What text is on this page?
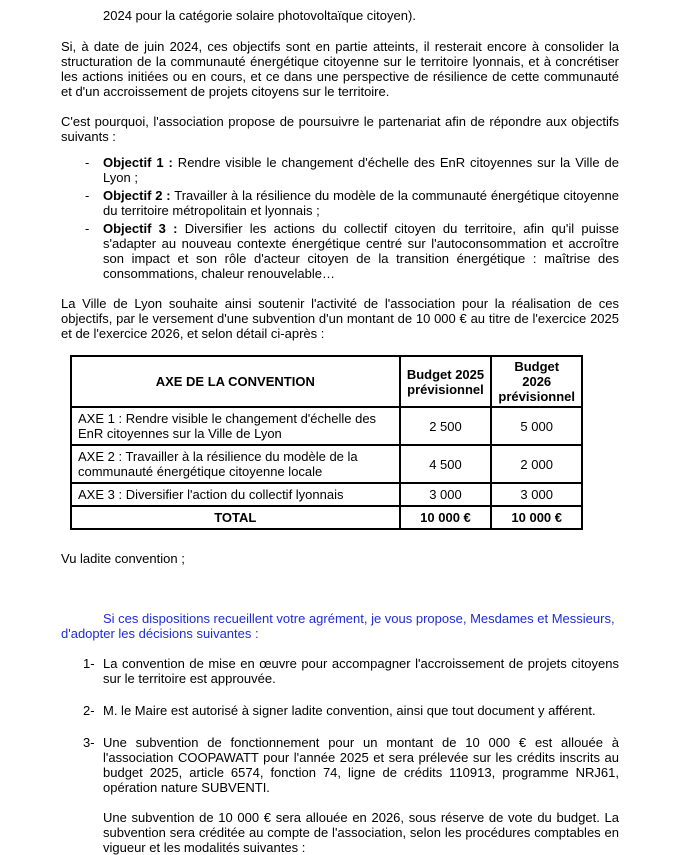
2024 pour la catégorie solaire photovoltaïque citoyen).

Si, à date de juin 2024, ces objectifs sont en partie atteints, il resterait encore à consolider la structuration de la communauté énergétique citoyenne sur le territoire lyonnais, et à concrétiser les actions initiées ou en cours, et ce dans une perspective de résilience de cette communauté et d'un accroissement de projets citoyens sur le territoire.

C'est pourquoi, l'association propose de poursuivre le partenariat afin de répondre aux objectifs suivants :

- Objectif 1 : Rendre visible le changement d'échelle des EnR citoyennes sur la Ville de Lyon ;
- Objectif 2 : Travailler à la résilience du modèle de la communauté énergétique citoyenne du territoire métropolitain et lyonnais ;
- Objectif 3 : Diversifier les actions du collectif citoyen du territoire, afin qu'il puisse s'adapter au nouveau contexte énergétique centré sur l'autoconsommation et accroître son impact et son rôle d'acteur citoyen de la transition énergétique : maîtrise des consommations, chaleur renouvelable…

La Ville de Lyon souhaite ainsi soutenir l'activité de l'association pour la réalisation de ces objectifs, par le versement d'une subvention d'un montant de 10 000 € au titre de l'exercice 2025 et de l'exercice 2026, et selon détail ci-après :

AXE DE LA CONVENTION	Budget 2025 prévisionnel	Budget 2026 prévisionnel
AXE 1 : Rendre visible le changement d'échelle des EnR citoyennes sur la Ville de Lyon	2 500	5 000
AXE 2 : Travailler à la résilience du modèle de la communauté énergétique citoyenne locale	4 500	2 000
AXE 3 : Diversifier l'action du collectif lyonnais	3 000	3 000
TOTAL	10 000 €	10 000 €

Vu ladite convention ;

Si ces dispositions recueillent votre agrément, je vous propose, Mesdames et Messieurs,

d'adopter les décisions suivantes :

1- La convention de mise en œuvre pour accompagner l'accroissement de projets citoyens sur le territoire est approuvée.
2- M. le Maire est autorisé à signer ladite convention, ainsi que tout document y afférent.
3- Une subvention de fonctionnement pour un montant de 10 000 € est allouée à l'association COOPAWATT pour l'année 2025 et sera prélevée sur les crédits inscrits au budget 2025, article 6574, fonction 74, ligne de crédits 110913, programme NRJ61, opération nature SUBVENTI.
Une subvention de 10 000 € sera allouée en 2026, sous réserve de vote du budget. La subvention sera créditée au compte de l'association, selon les procédures comptables en vigueur et les modalités suivantes :
